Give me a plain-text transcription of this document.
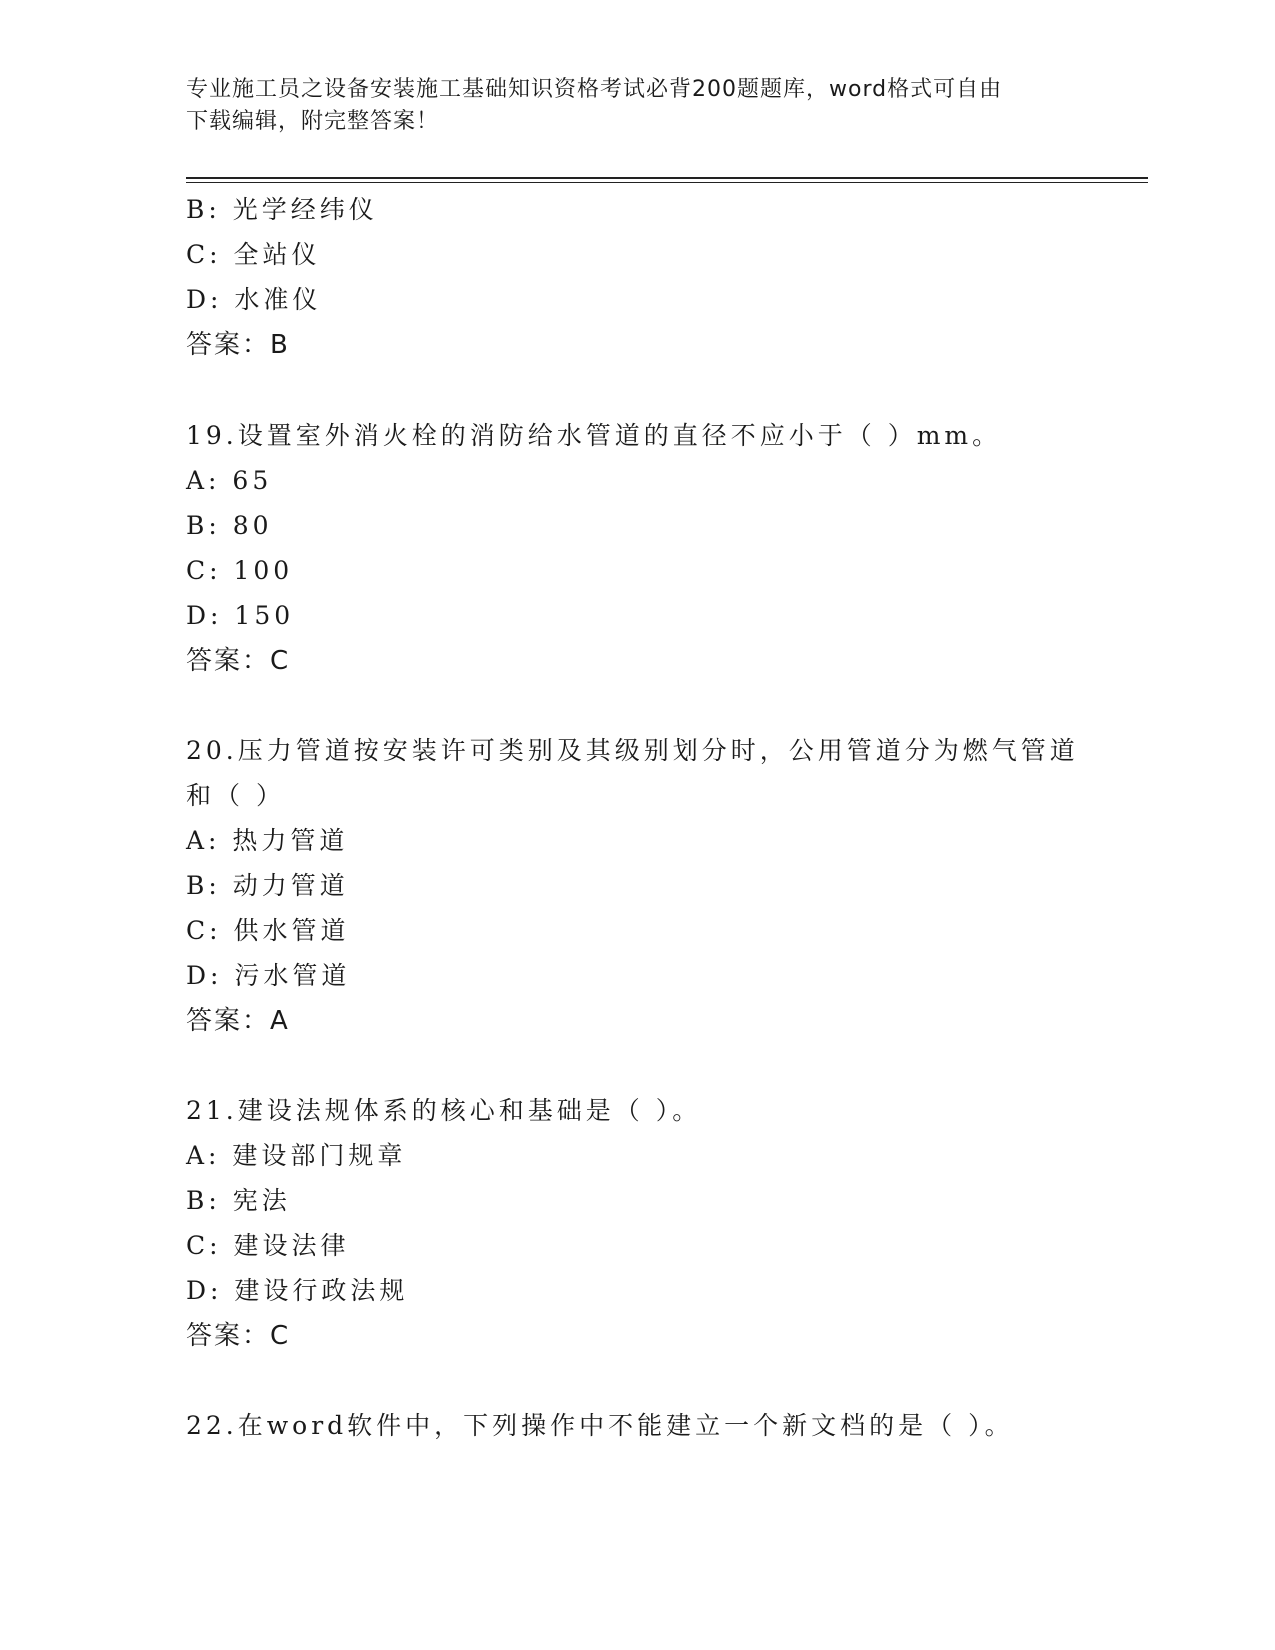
专业施工员之设备安装施工基础知识资格考试必背200题题库，word格式可自由
下载编辑，附完整答案！
B: 光学经纬仪
C: 全站仪
D: 水准仪
答案：B
19.设置室外消火栓的消防给水管道的直径不应小于（ ）mm。
A: 65
B: 80
C: 100
D: 150
答案：C
20.压力管道按安装许可类别及其级别划分时，公用管道分为燃气管道
和（ ）
A: 热力管道
B: 动力管道
C: 供水管道
D: 污水管道
答案：A
21.建设法规体系的核心和基础是（ ）。
A: 建设部门规章
B: 宪法
C: 建设法律
D: 建设行政法规
答案：C
22.在word软件中，下列操作中不能建立一个新文档的是（ ）。
